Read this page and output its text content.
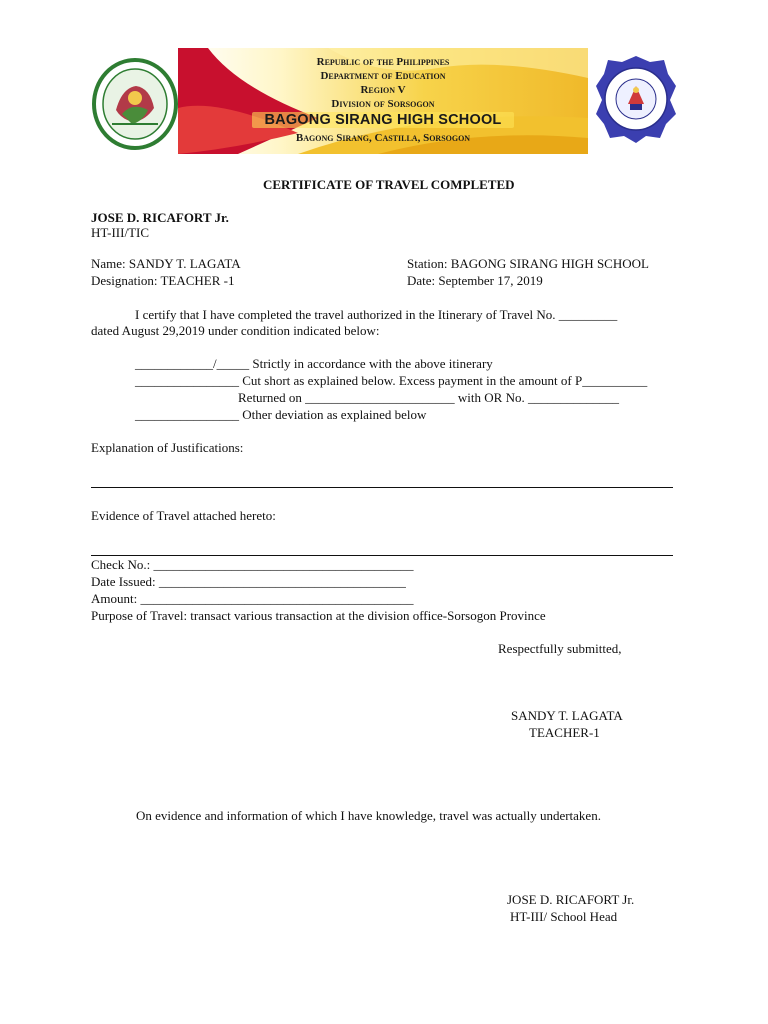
Republic of the Philippines
Department of Education
Region V
Division of Sorsogon
BAGONG SIRANG HIGH SCHOOL
Bagong Sirang, Castilla, Sorsogon
CERTIFICATE OF TRAVEL COMPLETED
JOSE D. RICAFORT Jr.
HT-III/TIC
Name: SANDY T. LAGATA
Designation: TEACHER -1
Station: BAGONG SIRANG HIGH SCHOOL
Date: September 17, 2019
I certify that I have completed the travel authorized in the Itinerary of Travel No. _________
dated August 29,2019 under condition indicated below:
____________/_____ Strictly in accordance with the above itinerary
________________ Cut short as explained below. Excess payment in the amount of P__________
Returned on _______________________ with OR No. ______________
________________ Other deviation as explained below
Explanation of Justifications:
Evidence of Travel attached hereto:
Check No.: ________________________________________
Date Issued: ______________________________________
Amount: __________________________________________
Purpose of Travel: transact various transaction at the division office-Sorsogon Province
Respectfully submitted,
SANDY T. LAGATA
TEACHER-1
On evidence and information of which I have knowledge, travel was actually undertaken.
JOSE D. RICAFORT Jr.
HT-III/ School Head
